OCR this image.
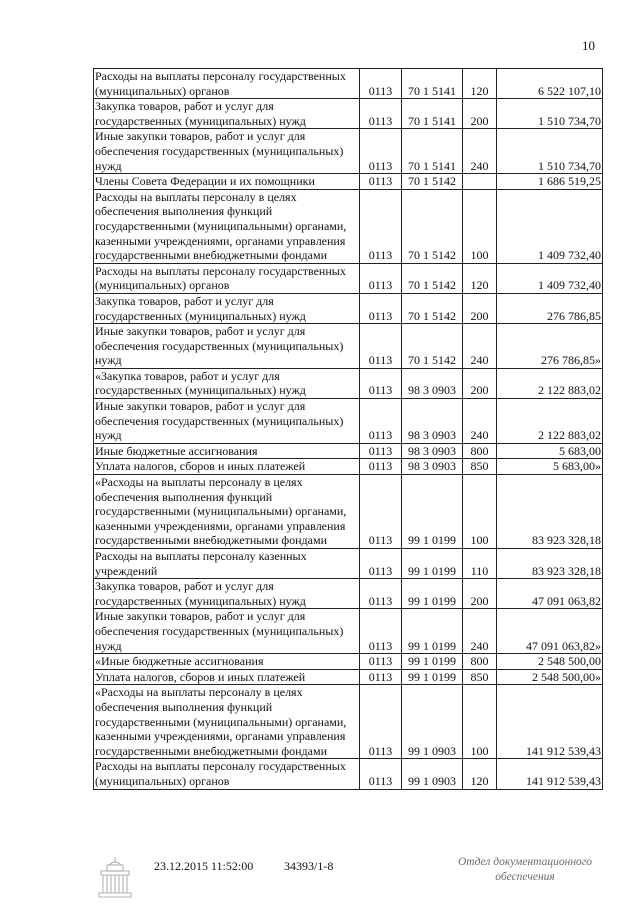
10
Расходы на выплаты персоналу государственных (муниципальных) органов	0113	70 1 5141	120	6 522 107,10
Закупка товаров, работ и услуг для государственных (муниципальных) нужд	0113	70 1 5141	200	1 510 734,70
Иные закупки товаров, работ и услуг для обеспечения государственных (муниципальных) нужд	0113	70 1 5141	240	1 510 734,70
Члены Совета Федерации и их помощники	0113	70 1 5142		1 686 519,25
Расходы на выплаты персоналу в целях обеспечения выполнения функций государственными (муниципальными) органами, казенными учреждениями, органами управления государственными внебюджетными фондами	0113	70 1 5142	100	1 409 732,40
Расходы на выплаты персоналу государственных (муниципальных) органов	0113	70 1 5142	120	1 409 732,40
Закупка товаров, работ и услуг для государственных (муниципальных) нужд	0113	70 1 5142	200	276 786,85
Иные закупки товаров, работ и услуг для обеспечения государственных (муниципальных) нужд	0113	70 1 5142	240	276 786,85»
«Закупка товаров, работ и услуг для государственных (муниципальных) нужд	0113	98 3 0903	200	2 122 883,02
Иные закупки товаров, работ и услуг для обеспечения государственных (муниципальных) нужд	0113	98 3 0903	240	2 122 883,02
Иные бюджетные ассигнования	0113	98 3 0903	800	5 683,00
Уплата налогов, сборов и иных платежей	0113	98 3 0903	850	5 683,00»
«Расходы на выплаты персоналу в целях обеспечения выполнения функций государственными (муниципальными) органами, казенными учреждениями, органами управления государственными внебюджетными фондами	0113	99 1 0199	100	83 923 328,18
Расходы на выплаты персоналу казенных учреждений	0113	99 1 0199	110	83 923 328,18
Закупка товаров, работ и услуг для государственных (муниципальных) нужд	0113	99 1 0199	200	47 091 063,82
Иные закупки товаров, работ и услуг для обеспечения государственных (муниципальных) нужд	0113	99 1 0199	240	47 091 063,82»
«Иные бюджетные ассигнования	0113	99 1 0199	800	2 548 500,00
Уплата налогов, сборов и иных платежей	0113	99 1 0199	850	2 548 500,00»
«Расходы на выплаты персоналу в целях обеспечения выполнения функций государственными (муниципальными) органами, казенными учреждениями, органами управления государственными внебюджетными фондами	0113	99 1 0903	100	141 912 539,43
Расходы на выплаты персоналу государственных (муниципальных) органов	0113	99 1 0903	120	141 912 539,43
23.12.2015 11:52:00	34393/1-8	Отдел документационного обеспечения
